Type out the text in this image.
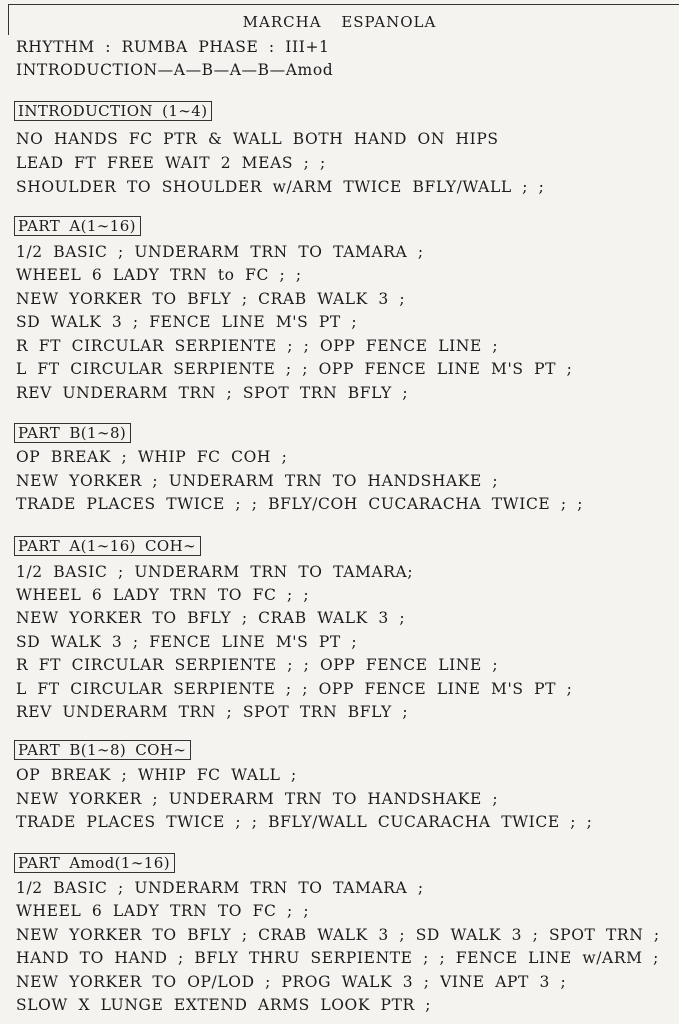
MARCHA ESPANOLA
RHYTHM : RUMBA PHASE : III+1
INTRODUCTION—A—B—A—B—Amod
INTRODUCTION (1∼4)
NO HANDS FC PTR & WALL BOTH HAND ON HIPS
LEAD FT FREE WAIT 2 MEAS ; ;
SHOULDER TO SHOULDER w/ARM TWICE BFLY/WALL ; ;
PART A(1∼16)
1/2 BASIC ; UNDERARM TRN TO TAMARA ;
WHEEL 6 LADY TRN to FC ; ;
NEW YORKER TO BFLY ; CRAB WALK 3 ;
SD WALK 3 ; FENCE LINE M'S PT ;
R FT CIRCULAR SERPIENTE ; ; OPP FENCE LINE ;
L FT CIRCULAR SERPIENTE ; ; OPP FENCE LINE M'S PT ;
REV UNDERARM TRN ; SPOT TRN BFLY ;
PART B(1∼8)
OP BREAK ; WHIP FC COH ;
NEW YORKER ; UNDERARM TRN TO HANDSHAKE ;
TRADE PLACES TWICE ; ; BFLY/COH CUCARACHA TWICE ; ;
PART A(1∼16) COH∼
1/2 BASIC ; UNDERARM TRN TO TAMARA;
WHEEL 6 LADY TRN TO FC ; ;
NEW YORKER TO BFLY ; CRAB WALK 3 ;
SD WALK 3 ; FENCE LINE M'S PT ;
R FT CIRCULAR SERPIENTE ; ; OPP FENCE LINE ;
L FT CIRCULAR SERPIENTE ; ; OPP FENCE LINE M'S PT ;
REV UNDERARM TRN ; SPOT TRN BFLY ;
PART B(1∼8) COH∼
OP BREAK ; WHIP FC WALL ;
NEW YORKER ; UNDERARM TRN TO HANDSHAKE ;
TRADE PLACES TWICE ; ; BFLY/WALL CUCARACHA TWICE ; ;
PART Amod(1∼16)
1/2 BASIC ; UNDERARM TRN TO TAMARA ;
WHEEL 6 LADY TRN TO FC ; ;
NEW YORKER TO BFLY ; CRAB WALK 3 ; SD WALK 3 ; SPOT TRN ;
HAND TO HAND ; BFLY THRU SERPIENTE ; ; FENCE LINE w/ARM ;
NEW YORKER TO OP/LOD ; PROG WALK 3 ; VINE APT 3 ;
SLOW X LUNGE EXTEND ARMS LOOK PTR ;
